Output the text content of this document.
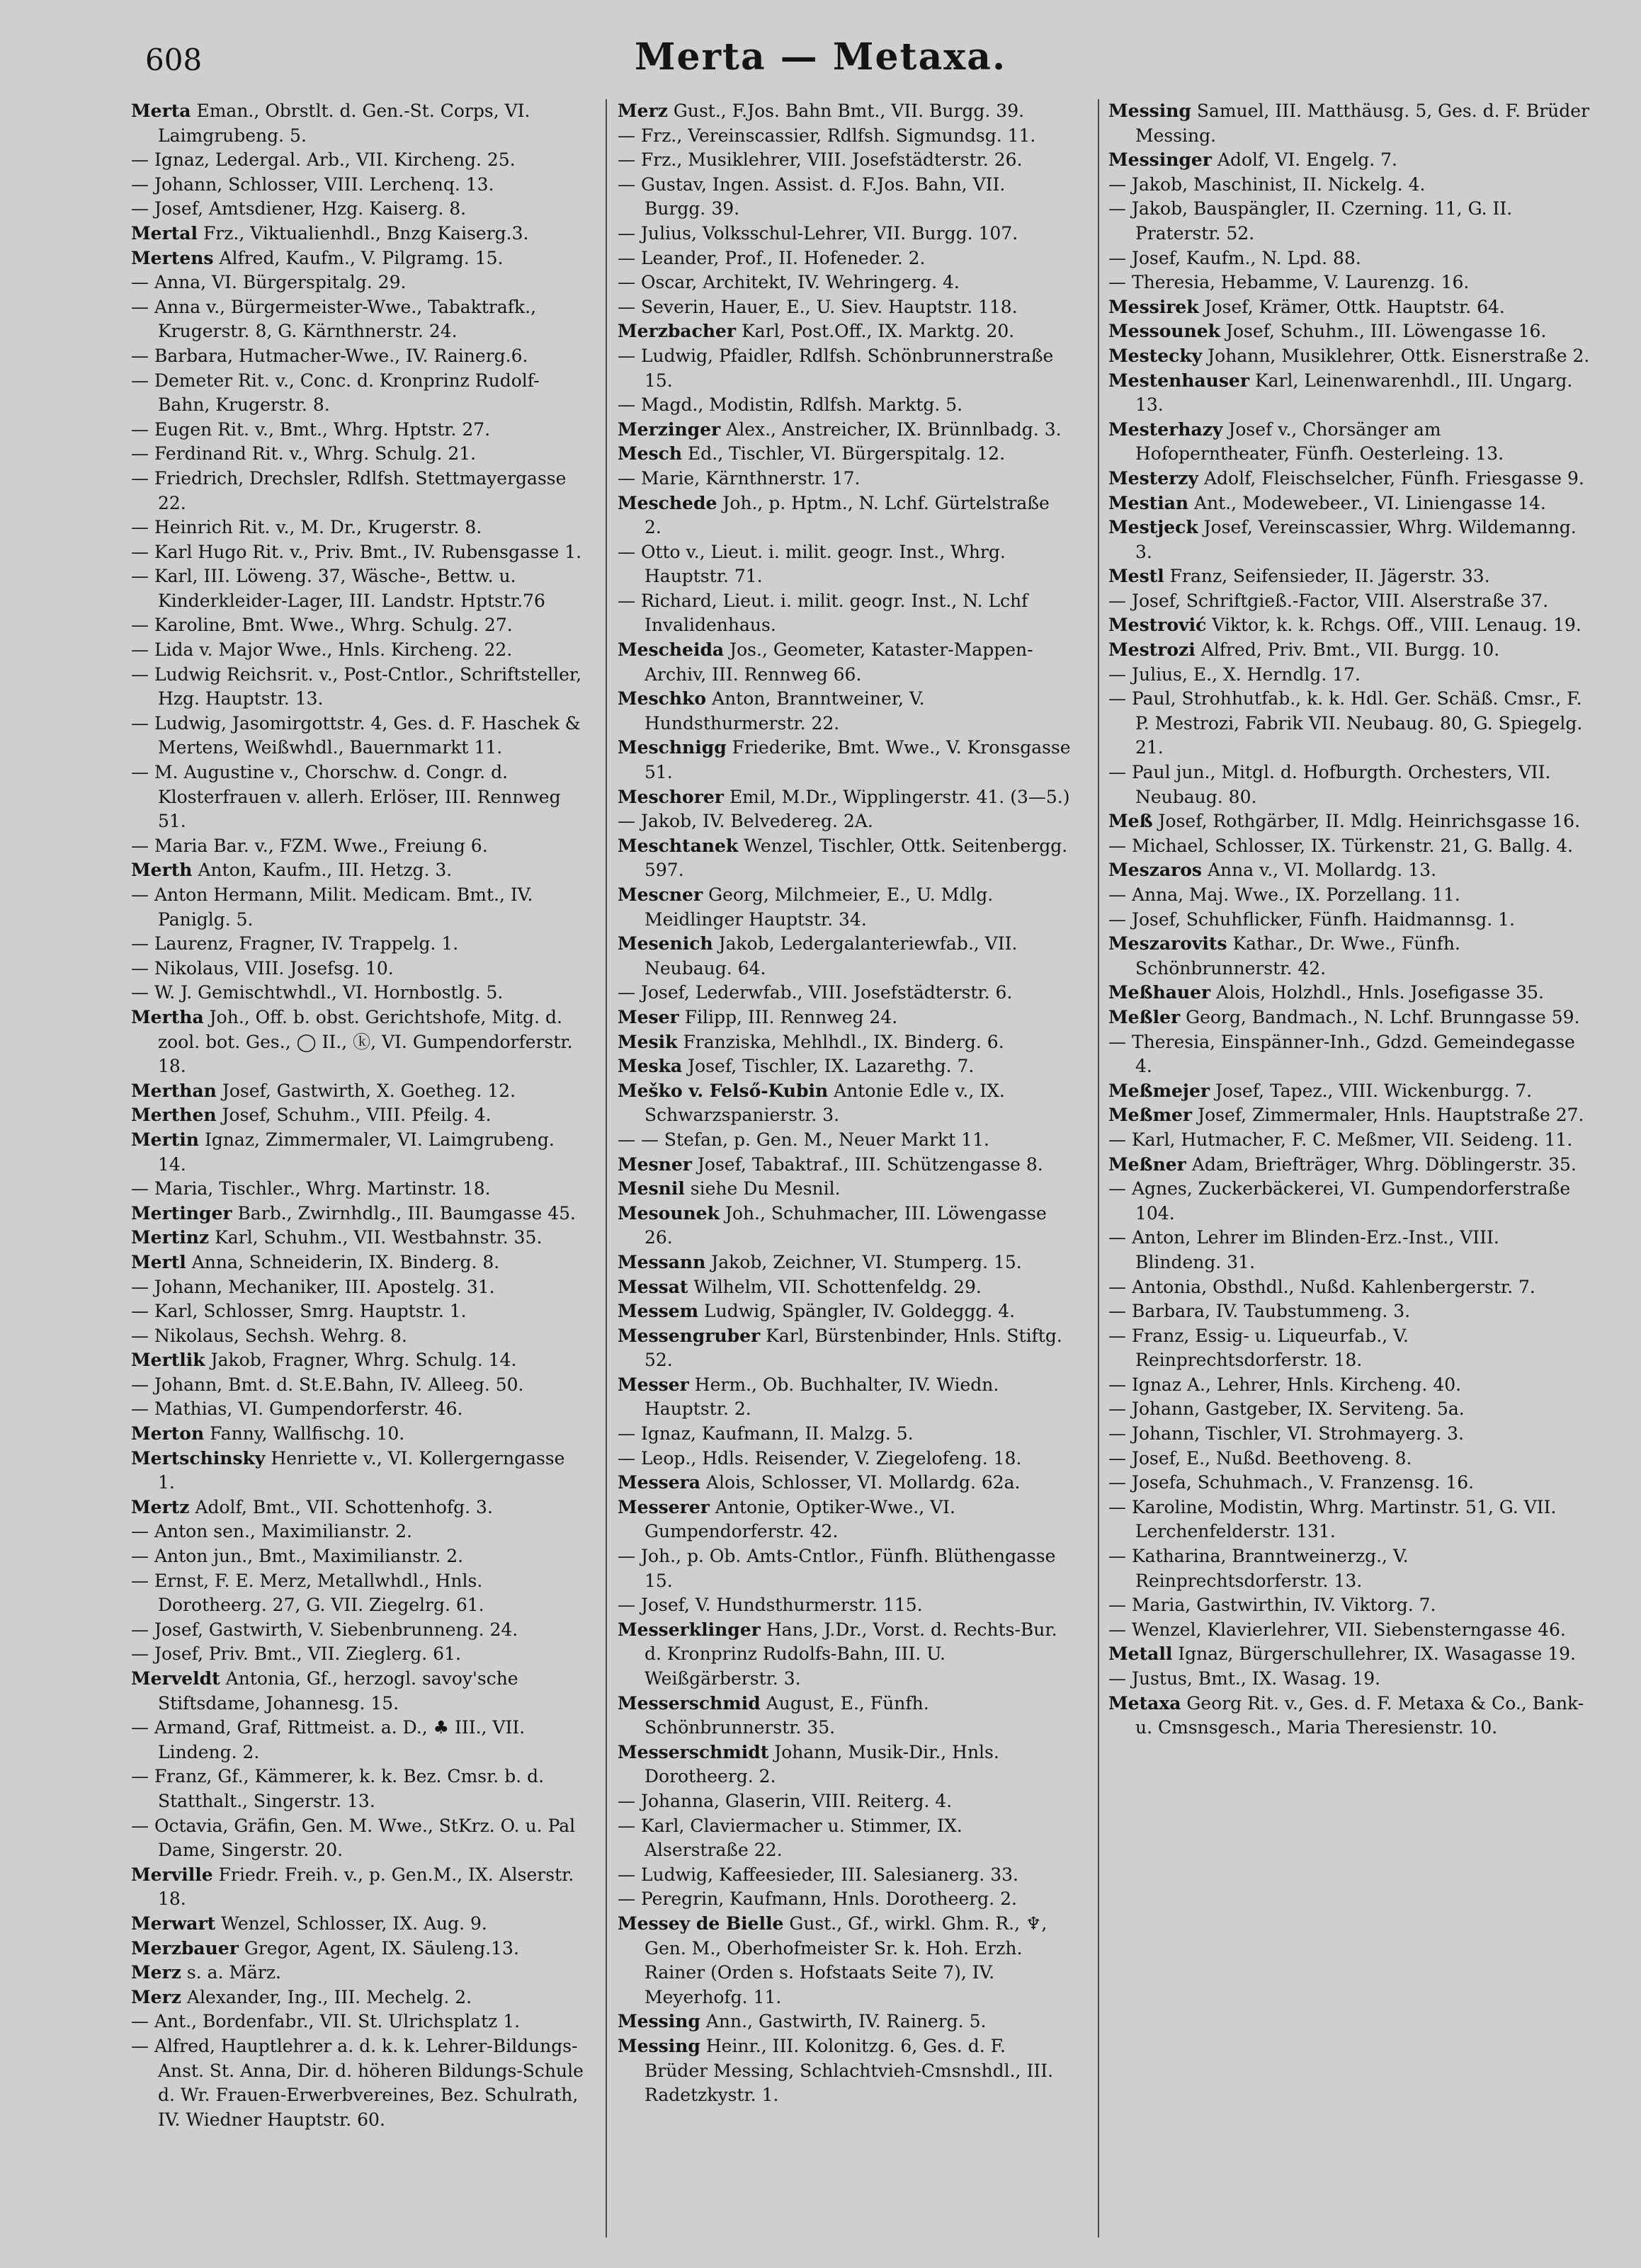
608	Merta — Metaxa.

Merta Eman., Obrstlt. d. Gen.-St. Corps, VI. Laimgrubeng. 5.

— Ignaz, Ledergal. Arb., VII. Kircheng. 25.

— Johann, Schlosser, VIII. Lerchenq. 13.

— Josef, Amtsdiener, Hzg. Kaiserg. 8.

Mertal Frz., Viktualienhdl., Bnzg Kaiserg.3.

Mertens Alfred, Kaufm., V. Pilgramg. 15.

— Anna, VI. Bürgerspitalg. 29.

— Anna v., Bürgermeister-Wwe., Tabaktrafk., Krugerstr. 8, G. Kärnthnerstr. 24.

— Barbara, Hutmacher-Wwe., IV. Rainerg.6.

— Demeter Rit. v., Conc. d. Kronprinz Rudolf-Bahn, Krugerstr. 8.

— Eugen Rit. v., Bmt., Whrg. Hptstr. 27.

— Ferdinand Rit. v., Whrg. Schulg. 21.

— Friedrich, Drechsler, Rdlfsh. Stettmayergasse 22.

— Heinrich Rit. v., M. Dr., Krugerstr. 8.

— Karl Hugo Rit. v., Priv. Bmt., IV. Rubensgasse 1.

— Karl, III. Löweng. 37, Wäsche-, Bettw. u. Kinderkleider-Lager, III. Landstr. Hptstr.76

— Karoline, Bmt. Wwe., Whrg. Schulg. 27.

— Lida v. Major Wwe., Hnls. Kircheng. 22.

— Ludwig Reichsrit. v., Post-Cntlor., Schriftsteller, Hzg. Hauptstr. 13.

— Ludwig, Jasomirgottstr. 4, Ges. d. F. Haschek & Mertens, Weißwhdl., Bauernmarkt 11.

— M. Augustine v., Chorschw. d. Congr. d. Klosterfrauen v. allerh. Erlöser, III. Rennweg 51.

— Maria Bar. v., FZM. Wwe., Freiung 6.

Merth Anton, Kaufm., III. Hetzg. 3.

— Anton Hermann, Milit. Medicam. Bmt., IV. Paniglg. 5.

— Laurenz, Fragner, IV. Trappelg. 1.

— Nikolaus, VIII. Josefsg. 10.

— W. J. Gemischtwhdl., VI. Hornbostlg. 5.

Mertha Joh., Off. b. obst. Gerichtshofe, Mitg. d. zool. bot. Ges., ◯ II., ⓚ, VI. Gumpendorferstr. 18.

Merthan Josef, Gastwirth, X. Goetheg. 12.

Merthen Josef, Schuhm., VIII. Pfeilg. 4.

Mertin Ignaz, Zimmermaler, VI. Laimgrubeng. 14.

— Maria, Tischler., Whrg. Martinstr. 18.

Mertinger Barb., Zwirnhdlg., III. Baumgasse 45.

Mertinz Karl, Schuhm., VII. Westbahnstr. 35.

Mertl Anna, Schneiderin, IX. Binderg. 8.

— Johann, Mechaniker, III. Apostelg. 31.

— Karl, Schlosser, Smrg. Hauptstr. 1.

— Nikolaus, Sechsh. Wehrg. 8.

Mertlik Jakob, Fragner, Whrg. Schulg. 14.

— Johann, Bmt. d. St.E.Bahn, IV. Alleeg. 50.

— Mathias, VI. Gumpendorferstr. 46.

Merton Fanny, Wallfischg. 10.

Mertschinsky Henriette v., VI. Kollergerngasse 1.

Mertz Adolf, Bmt., VII. Schottenhofg. 3.

— Anton sen., Maximilianstr. 2.

— Anton jun., Bmt., Maximilianstr. 2.

— Ernst, F. E. Merz, Metallwhdl., Hnls. Dorotheerg. 27, G. VII. Ziegelrg. 61.

— Josef, Gastwirth, V. Siebenbrunneng. 24.

— Josef, Priv. Bmt., VII. Zieglerg. 61.

Merveldt Antonia, Gf., herzogl. savoy'sche Stiftsdame, Johannesg. 15.

— Armand, Graf, Rittmeist. a. D., ♣ III., VII. Lindeng. 2.

— Franz, Gf., Kämmerer, k. k. Bez. Cmsr. b. d. Statthalt., Singerstr. 13.

— Octavia, Gräfin, Gen. M. Wwe., StKrz. O. u. Pal Dame, Singerstr. 20.

Merville Friedr. Freih. v., p. Gen.M., IX. Alserstr. 18.

Merwart Wenzel, Schlosser, IX. Aug. 9.

Merzbauer Gregor, Agent, IX. Säuleng.13.

Merz s. a. März.

Merz Alexander, Ing., III. Mechelg. 2.

— Ant., Bordenfabr., VII. St. Ulrichsplatz 1.

— Alfred, Hauptlehrer a. d. k. k. Lehrer-Bildungs-Anst. St. Anna, Dir. d. höheren Bildungs-Schule d. Wr. Frauen-Erwerbvereines, Bez. Schulrath, IV. Wiedner Hauptstr. 60.

Merz Gust., F.Jos. Bahn Bmt., VII. Burgg. 39.

— Frz., Vereinscassier, Rdlfsh. Sigmundsg. 11.

— Frz., Musiklehrer, VIII. Josefstädterstr. 26.

— Gustav, Ingen. Assist. d. F.Jos. Bahn, VII. Burgg. 39.

— Julius, Volksschul-Lehrer, VII. Burgg. 107.

— Leander, Prof., II. Hofeneder. 2.

— Oscar, Architekt, IV. Wehringerg. 4.

— Severin, Hauer, E., U. Siev. Hauptstr. 118.

Merzbacher Karl, Post.Off., IX. Marktg. 20.

— Ludwig, Pfaidler, Rdlfsh. Schönbrunnerstraße 15.

— Magd., Modistin, Rdlfsh. Marktg. 5.

Merzinger Alex., Anstreicher, IX. Brünnlbadg. 3.

Mesch Ed., Tischler, VI. Bürgerspitalg. 12.

— Marie, Kärnthnerstr. 17.

Meschede Joh., p. Hptm., N. Lchf. Gürtelstraße 2.

— Otto v., Lieut. i. milit. geogr. Inst., Whrg. Hauptstr. 71.

— Richard, Lieut. i. milit. geogr. Inst., N. Lchf Invalidenhaus.

Mescheida Jos., Geometer, Kataster-Mappen-Archiv, III. Rennweg 66.

Meschko Anton, Branntweiner, V. Hundsthurmerstr. 22.

Meschnigg Friederike, Bmt. Wwe., V. Kronsgasse 51.

Meschorer Emil, M.Dr., Wipplingerstr. 41. (3—5.)

— Jakob, IV. Belvedereg. 2A.

Meschtanek Wenzel, Tischler, Ottk. Seitenbergg. 597.

Mescner Georg, Milchmeier, E., U. Mdlg. Meidlinger Hauptstr. 34.

Mesenich Jakob, Ledergalanteriewfab., VII. Neubaug. 64.

— Josef, Lederwfab., VIII. Josefstädterstr. 6.

Meser Filipp, III. Rennweg 24.

Mesik Franziska, Mehlhdl., IX. Binderg. 6.

Meska Josef, Tischler, IX. Lazarethg. 7.

Meško v. Felső-Kubin Antonie Edle v., IX. Schwarzspanierstr. 3.

— — Stefan, p. Gen. M., Neuer Markt 11.

Mesner Josef, Tabaktraf., III. Schützengasse 8.

Mesnil siehe Du Mesnil.

Mesounek Joh., Schuhmacher, III. Löwengasse 26.

Messann Jakob, Zeichner, VI. Stumperg. 15.

Messat Wilhelm, VII. Schottenfeldg. 29.

Messem Ludwig, Spängler, IV. Goldeggg. 4.

Messengruber Karl, Bürstenbinder, Hnls. Stiftg. 52.

Messer Herm., Ob. Buchhalter, IV. Wiedn. Hauptstr. 2.

— Ignaz, Kaufmann, II. Malzg. 5.

— Leop., Hdls. Reisender, V. Ziegelofeng. 18.

Messera Alois, Schlosser, VI. Mollardg. 62a.

Messerer Antonie, Optiker-Wwe., VI. Gumpendorferstr. 42.

— Joh., p. Ob. Amts-Cntlor., Fünfh. Blüthengasse 15.

— Josef, V. Hundsthurmerstr. 115.

Messerklinger Hans, J.Dr., Vorst. d. Rechts-Bur. d. Kronprinz Rudolfs-Bahn, III. U. Weißgärberstr. 3.

Messerschmid August, E., Fünfh. Schönbrunnerstr. 35.

Messerschmidt Johann, Musik-Dir., Hnls. Dorotheerg. 2.

— Johanna, Glaserin, VIII. Reiterg. 4.

— Karl, Claviermacher u. Stimmer, IX. Alserstraße 22.

— Ludwig, Kaffeesieder, III. Salesianerg. 33.

— Peregrin, Kaufmann, Hnls. Dorotheerg. 2.

Messey de Bielle Gust., Gf., wirkl. Ghm. R., ♆, Gen. M., Oberhofmeister Sr. k. Hoh. Erzh. Rainer (Orden s. Hofstaats Seite 7), IV. Meyerhofg. 11.

Messing Ann., Gastwirth, IV. Rainerg. 5.

Messing Heinr., III. Kolonitzg. 6, Ges. d. F. Brüder Messing, Schlachtvieh-Cmsnshdl., III. Radetzkystr. 1.

Messing Samuel, III. Matthäusg. 5, Ges. d. F. Brüder Messing.

Messinger Adolf, VI. Engelg. 7.

— Jakob, Maschinist, II. Nickelg. 4.

— Jakob, Bauspängler, II. Czerning. 11, G. II. Praterstr. 52.

— Josef, Kaufm., N. Lpd. 88.

— Theresia, Hebamme, V. Laurenzg. 16.

Messirek Josef, Krämer, Ottk. Hauptstr. 64.

Messounek Josef, Schuhm., III. Löwengasse 16.

Mestecky Johann, Musiklehrer, Ottk. Eisnerstraße 2.

Mestenhauser Karl, Leinenwarenhdl., III. Ungarg. 13.

Mesterhazy Josef v., Chorsänger am Hofoperntheater, Fünfh. Oesterleing. 13.

Mesterzy Adolf, Fleischselcher, Fünfh. Friesgasse 9.

Mestian Ant., Modewebeer., VI. Liniengasse 14.

Mestjeck Josef, Vereinscassier, Whrg. Wildemanng. 3.

Mestl Franz, Seifensieder, II. Jägerstr. 33.

— Josef, Schriftgieß.-Factor, VIII. Alserstraße 37.

Mestrović Viktor, k. k. Rchgs. Off., VIII. Lenaug. 19.

Mestrozi Alfred, Priv. Bmt., VII. Burgg. 10.

— Julius, E., X. Herndlg. 17.

— Paul, Strohhutfab., k. k. Hdl. Ger. Schäß. Cmsr., F. P. Mestrozi, Fabrik VII. Neubaug. 80, G. Spiegelg. 21.

— Paul jun., Mitgl. d. Hofburgth. Orchesters, VII. Neubaug. 80.

Meß Josef, Rothgärber, II. Mdlg. Heinrichsgasse 16.

— Michael, Schlosser, IX. Türkenstr. 21, G. Ballg. 4.

Meszaros Anna v., VI. Mollardg. 13.

— Anna, Maj. Wwe., IX. Porzellang. 11.

— Josef, Schuhflicker, Fünfh. Haidmannsg. 1.

Meszarovits Kathar., Dr. Wwe., Fünfh. Schönbrunnerstr. 42.

Meßhauer Alois, Holzhdl., Hnls. Josefigasse 35.

Meßler Georg, Bandmach., N. Lchf. Brunngasse 59.

— Theresia, Einspänner-Inh., Gdzd. Gemeindegasse 4.

Meßmejer Josef, Tapez., VIII. Wickenburgg. 7.

Meßmer Josef, Zimmermaler, Hnls. Hauptstraße 27.

— Karl, Hutmacher, F. C. Meßmer, VII. Seideng. 11.

Meßner Adam, Briefträger, Whrg. Döblingerstr. 35.

— Agnes, Zuckerbäckerei, VI. Gumpendorferstraße 104.

— Anton, Lehrer im Blinden-Erz.-Inst., VIII. Blindeng. 31.

— Antonia, Obsthdl., Nußd. Kahlenbergerstr. 7.

— Barbara, IV. Taubstummeng. 3.

— Franz, Essig- u. Liqueurfab., V. Reinprechtsdorferstr. 18.

— Ignaz A., Lehrer, Hnls. Kircheng. 40.

— Johann, Gastgeber, IX. Serviteng. 5a.

— Johann, Tischler, VI. Strohmayerg. 3.

— Josef, E., Nußd. Beethoveng. 8.

— Josefa, Schuhmach., V. Franzensg. 16.

— Karoline, Modistin, Whrg. Martinstr. 51, G. VII. Lerchenfelderstr. 131.

— Katharina, Branntweinerzg., V. Reinprechtsdorferstr. 13.

— Maria, Gastwirthin, IV. Viktorg. 7.

— Wenzel, Klavierlehrer, VII. Siebensterngasse 46.

Metall Ignaz, Bürgerschullehrer, IX. Wasagasse 19.

— Justus, Bmt., IX. Wasag. 19.

Metaxa Georg Rit. v., Ges. d. F. Metaxa & Co., Bank- u. Cmsnsgesch., Maria Theresienstr. 10.
